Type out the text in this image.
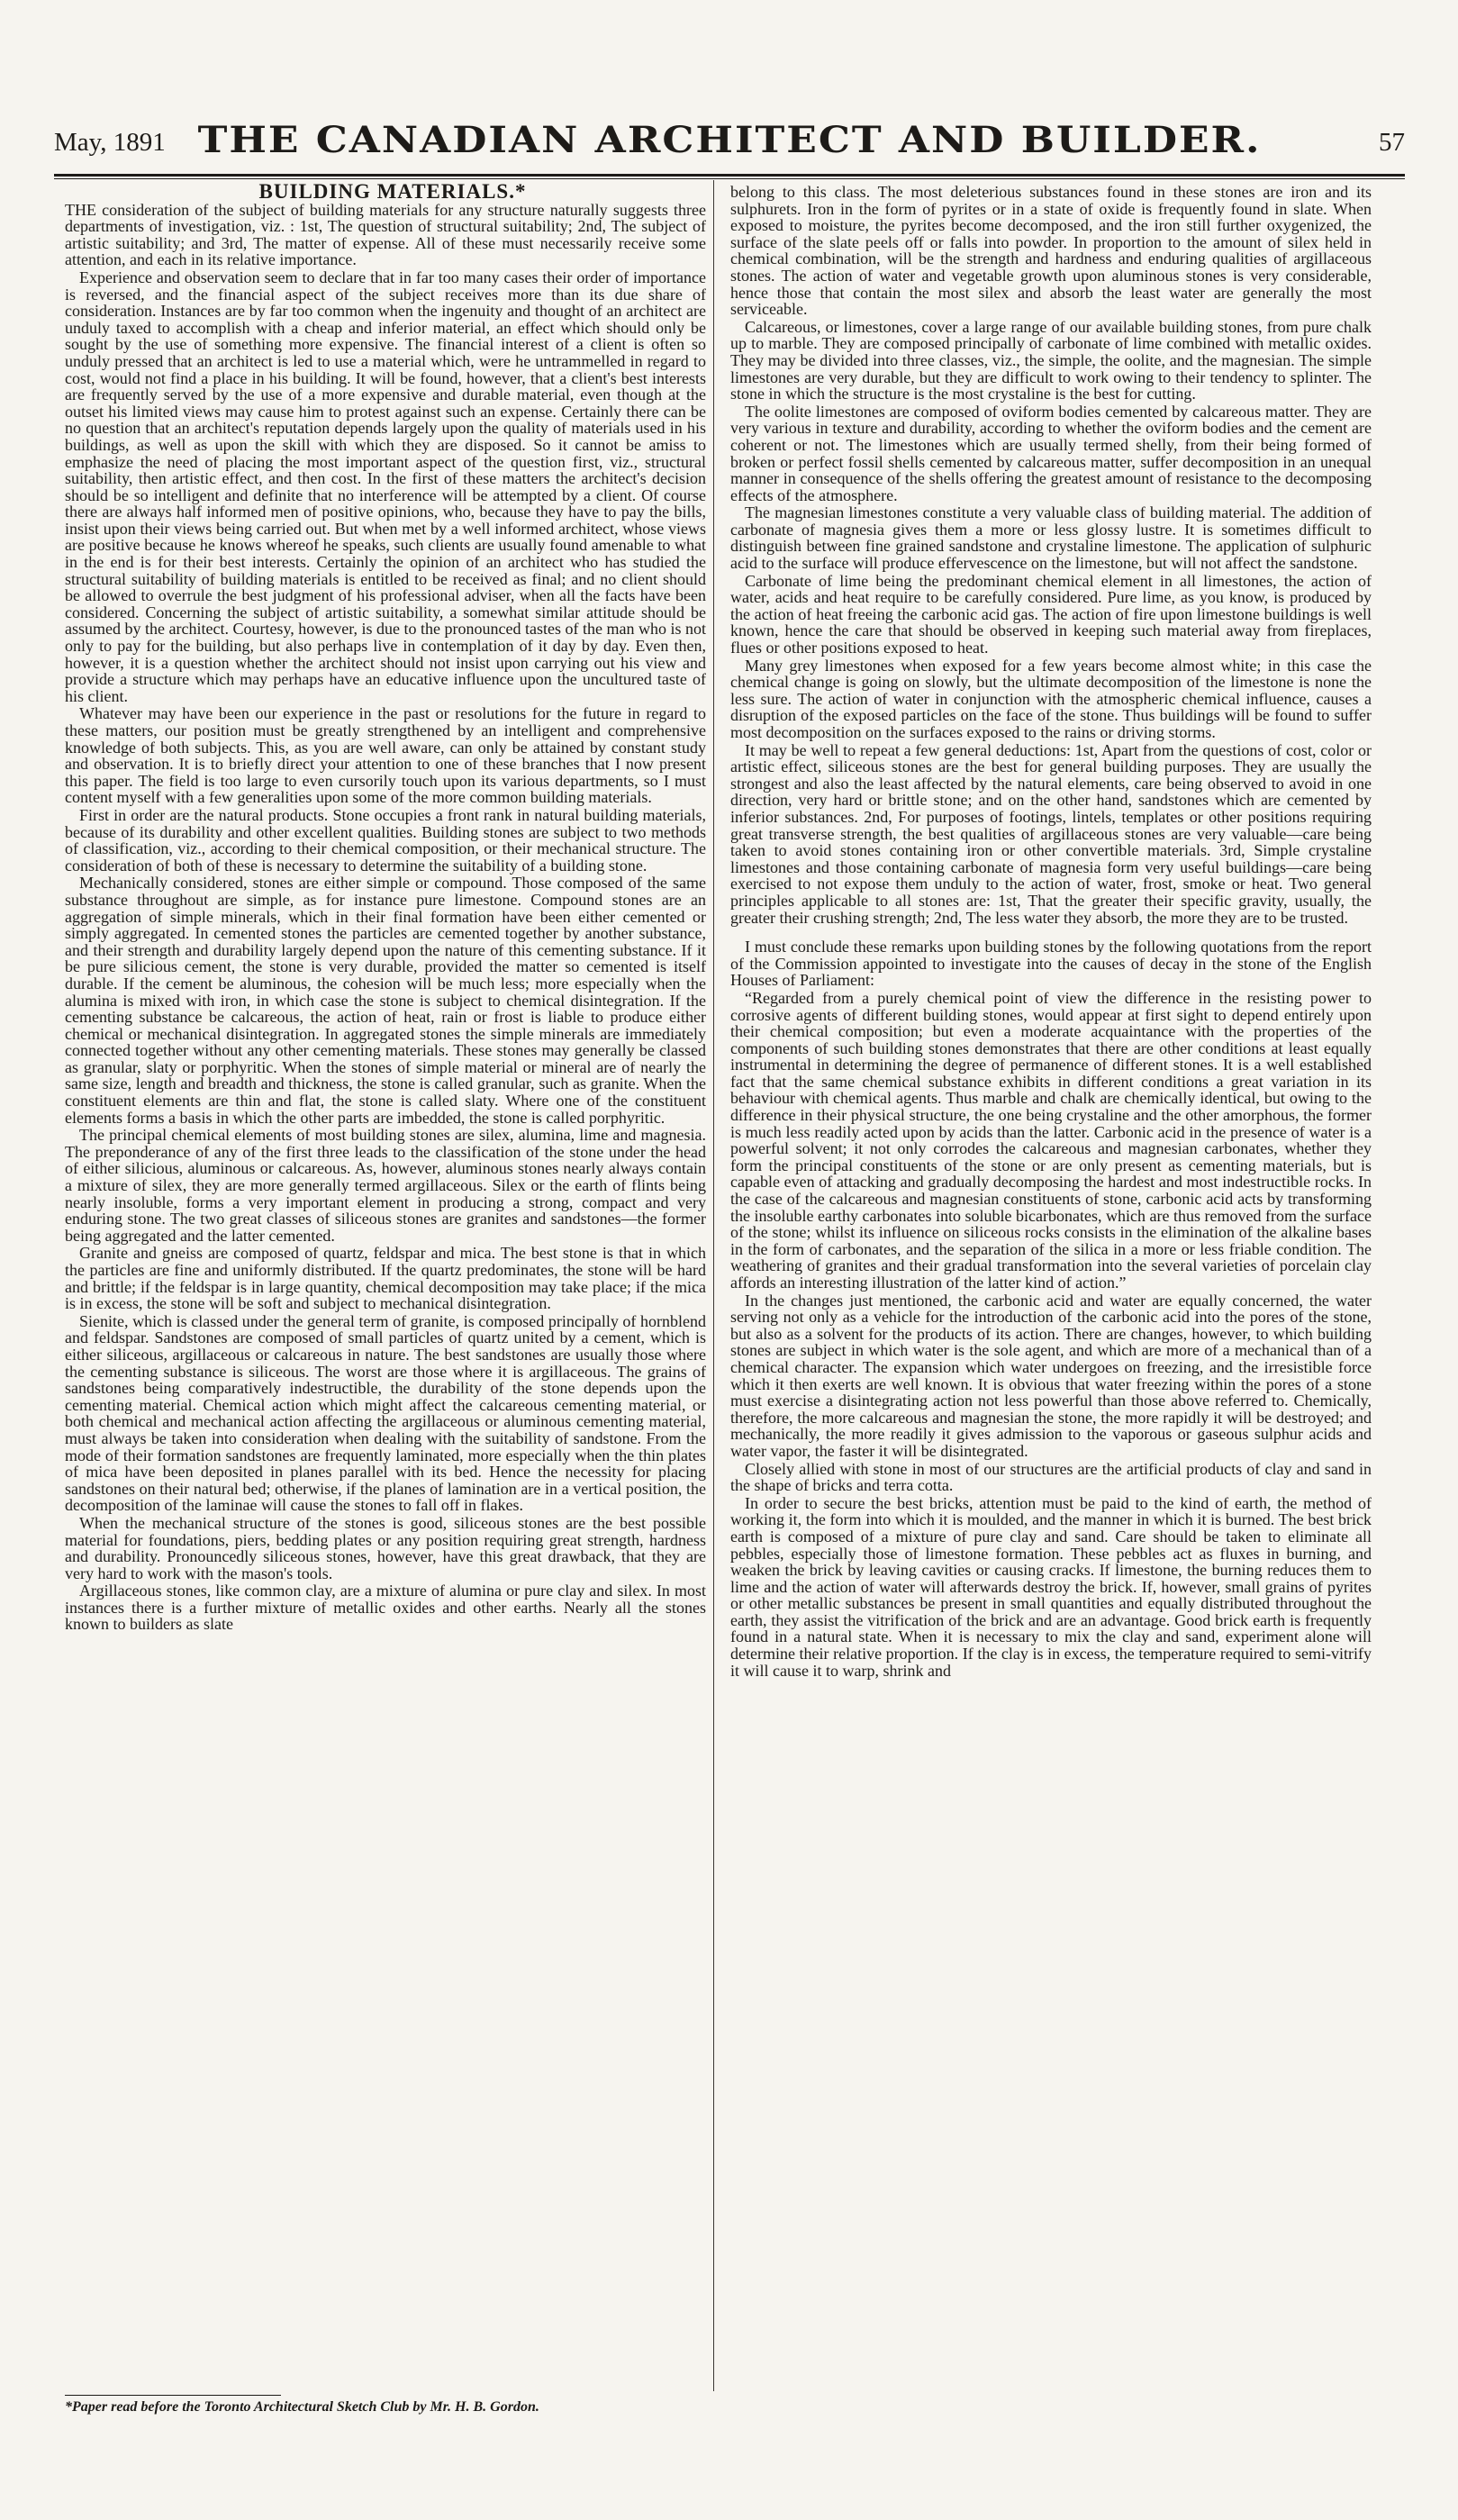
May, 1891 THE CANADIAN ARCHITECT AND BUILDER.	57

BUILDING MATERIALS.*

THE consideration of the subject of building materials for any structure naturally suggests three departments of investigation, viz. : 1st, The question of structural suitability; 2nd, The subject of artistic suitability; and 3rd, The matter of expense. All of these must necessarily receive some attention, and each in its relative importance.

Experience and observation seem to declare that in far too many cases their order of importance is reversed, and the financial aspect of the subject receives more than its due share of consideration. Instances are by far too common when the ingenuity and thought of an architect are unduly taxed to accomplish with a cheap and inferior material, an effect which should only be sought by the use of something more expensive. The financial interest of a client is often so unduly pressed that an architect is led to use a material which, were he untrammelled in regard to cost, would not find a place in his building. It will be found, however, that a client's best interests are frequently served by the use of a more expensive and durable material, even though at the outset his limited views may cause him to protest against such an expense. Certainly there can be no question that an architect's reputation depends largely upon the quality of materials used in his buildings, as well as upon the skill with which they are disposed. So it cannot be amiss to emphasize the need of placing the most important aspect of the question first, viz., structural suitability, then artistic effect, and then cost. In the first of these matters the architect's decision should be so intelligent and definite that no interference will be attempted by a client. Of course there are always half informed men of positive opinions, who, because they have to pay the bills, insist upon their views being carried out. But when met by a well informed architect, whose views are positive because he knows whereof he speaks, such clients are usually found amenable to what in the end is for their best interests. Certainly the opinion of an architect who has studied the structural suitability of building materials is entitled to be received as final; and no client should be allowed to overrule the best judgment of his professional adviser, when all the facts have been considered. Concerning the subject of artistic suitability, a somewhat similar attitude should be assumed by the architect. Courtesy, however, is due to the pronounced tastes of the man who is not only to pay for the building, but also perhaps live in contemplation of it day by day. Even then, however, it is a question whether the architect should not insist upon carrying out his view and provide a structure which may perhaps have an educative influence upon the uncultured taste of his client.

Whatever may have been our experience in the past or resolutions for the future in regard to these matters, our position must be greatly strengthened by an intelligent and comprehensive knowledge of both subjects. This, as you are well aware, can only be attained by constant study and observation. It is to briefly direct your attention to one of these branches that I now present this paper. The field is too large to even cursorily touch upon its various departments, so I must content myself with a few generalities upon some of the more common building materials.

First in order are the natural products. Stone occupies a front rank in natural building materials, because of its durability and other excellent qualities. Building stones are subject to two methods of classification, viz., according to their chemical composition, or their mechanical structure. The consideration of both of these is necessary to determine the suitability of a building stone.

Mechanically considered, stones are either simple or compound. Those composed of the same substance throughout are simple, as for instance pure limestone. Compound stones are an aggregation of simple minerals, which in their final formation have been either cemented or simply aggregated. In cemented stones the particles are cemented together by another substance, and their strength and durability largely depend upon the nature of this cementing substance. If it be pure silicious cement, the stone is very durable, provided the matter so cemented is itself durable. If the cement be aluminous, the cohesion will be much less; more especially when the alumina is mixed with iron, in which case the stone is subject to chemical disintegration. If the cementing substance be calcareous, the action of heat, rain or frost is liable to produce either chemical or mechanical disintegration. In aggregated stones the simple minerals are immediately connected together without any other cementing materials. These stones may generally be classed as granular, slaty or porphyritic. When the stones of simple material or mineral are of nearly the same size, length and breadth and thickness, the stone is called granular, such as granite. When the constituent elements are thin and flat, the stone is called slaty. Where one of the constituent elements forms a basis in which the other parts are imbedded, the stone is called porphyritic.

The principal chemical elements of most building stones are silex, alumina, lime and magnesia. The preponderance of any of the first three leads to the classification of the stone under the head of either silicious, aluminous or calcareous. As, however, aluminous stones nearly always contain a mixture of silex, they are more generally termed argillaceous. Silex or the earth of flints being nearly insoluble, forms a very important element in producing a strong, compact and very enduring stone. The two great classes of siliceous stones are granites and sandstones—the former being aggregated and the latter cemented.

Granite and gneiss are composed of quartz, feldspar and mica. The best stone is that in which the particles are fine and uniformly distributed. If the quartz predominates, the stone will be hard and brittle; if the feldspar is in large quantity, chemical decomposition may take place; if the mica is in excess, the stone will be soft and subject to mechanical disintegration.

Sienite, which is classed under the general term of granite, is composed principally of hornblend and feldspar. Sandstones are composed of small particles of quartz united by a cement, which is either siliceous, argillaceous or calcareous in nature. The best sandstones are usually those where the cementing substance is siliceous. The worst are those where it is argillaceous. The grains of sandstones being comparatively indestructible, the durability of the stone depends upon the cementing material. Chemical action which might affect the calcareous cementing material, or both chemical and mechanical action affecting the argillaceous or aluminous cementing material, must always be taken into consideration when dealing with the suitability of sandstone. From the mode of their formation sandstones are frequently laminated, more especially when the thin plates of mica have been deposited in planes parallel with its bed. Hence the necessity for placing sandstones on their natural bed; otherwise, if the planes of lamination are in a vertical position, the decomposition of the laminae will cause the stones to fall off in flakes.

When the mechanical structure of the stones is good, siliceous stones are the best possible material for foundations, piers, bedding plates or any position requiring great strength, hardness and durability. Pronouncedly siliceous stones, however, have this great drawback, that they are very hard to work with the mason's tools.

Argillaceous stones, like common clay, are a mixture of alumina or pure clay and silex. In most instances there is a further mixture of metallic oxides and other earths. Nearly all the stones known to builders as slate

belong to this class. The most deleterious substances found in these stones are iron and its sulphurets. Iron in the form of pyrites or in a state of oxide is frequently found in slate. When exposed to moisture, the pyrites become decomposed, and the iron still further oxygenized, the surface of the slate peels off or falls into powder. In proportion to the amount of silex held in chemical combination, will be the strength and hardness and enduring qualities of argillaceous stones. The action of water and vegetable growth upon aluminous stones is very considerable, hence those that contain the most silex and absorb the least water are generally the most serviceable.

Calcareous, or limestones, cover a large range of our available building stones, from pure chalk up to marble. They are composed principally of carbonate of lime combined with metallic oxides. They may be divided into three classes, viz., the simple, the oolite, and the magnesian. The simple limestones are very durable, but they are difficult to work owing to their tendency to splinter. The stone in which the structure is the most crystaline is the best for cutting.

The oolite limestones are composed of oviform bodies cemented by calcareous matter. They are very various in texture and durability, according to whether the oviform bodies and the cement are coherent or not. The limestones which are usually termed shelly, from their being formed of broken or perfect fossil shells cemented by calcareous matter, suffer decomposition in an unequal manner in consequence of the shells offering the greatest amount of resistance to the decomposing effects of the atmosphere.

The magnesian limestones constitute a very valuable class of building material. The addition of carbonate of magnesia gives them a more or less glossy lustre. It is sometimes difficult to distinguish between fine grained sandstone and crystaline limestone. The application of sulphuric acid to the surface will produce effervescence on the limestone, but will not affect the sandstone.

Carbonate of lime being the predominant chemical element in all limestones, the action of water, acids and heat require to be carefully considered. Pure lime, as you know, is produced by the action of heat freeing the carbonic acid gas. The action of fire upon limestone buildings is well known, hence the care that should be observed in keeping such material away from fireplaces, flues or other positions exposed to heat.

Many grey limestones when exposed for a few years become almost white; in this case the chemical change is going on slowly, but the ultimate decomposition of the limestone is none the less sure. The action of water in conjunction with the atmospheric chemical influence, causes a disruption of the exposed particles on the face of the stone. Thus buildings will be found to suffer most decomposition on the surfaces exposed to the rains or driving storms.

It may be well to repeat a few general deductions: 1st, Apart from the questions of cost, color or artistic effect, siliceous stones are the best for general building purposes. They are usually the strongest and also the least affected by the natural elements, care being observed to avoid in one direction, very hard or brittle stone; and on the other hand, sandstones which are cemented by inferior substances. 2nd, For purposes of footings, lintels, templates or other positions requiring great transverse strength, the best qualities of argillaceous stones are very valuable—care being taken to avoid stones containing iron or other convertible materials. 3rd, Simple crystaline limestones and those containing carbonate of magnesia form very useful buildings—care being exercised to not expose them unduly to the action of water, frost, smoke or heat. Two general principles applicable to all stones are: 1st, That the greater their specific gravity, usually, the greater their crushing strength; 2nd, The less water they absorb, the more they are to be trusted.

I must conclude these remarks upon building stones by the following quotations from the report of the Commission appointed to investigate into the causes of decay in the stone of the English Houses of Parliament:

“Regarded from a purely chemical point of view the difference in the resisting power to corrosive agents of different building stones, would appear at first sight to depend entirely upon their chemical composition; but even a moderate acquaintance with the properties of the components of such building stones demonstrates that there are other conditions at least equally instrumental in determining the degree of permanence of different stones. It is a well established fact that the same chemical substance exhibits in different conditions a great variation in its behaviour with chemical agents. Thus marble and chalk are chemically identical, but owing to the difference in their physical structure, the one being crystaline and the other amorphous, the former is much less readily acted upon by acids than the latter. Carbonic acid in the presence of water is a powerful solvent; it not only corrodes the calcareous and magnesian carbonates, whether they form the principal constituents of the stone or are only present as cementing materials, but is capable even of attacking and gradually decomposing the hardest and most indestructible rocks. In the case of the calcareous and magnesian constituents of stone, carbonic acid acts by transforming the insoluble earthy carbonates into soluble bicarbonates, which are thus removed from the surface of the stone; whilst its influence on siliceous rocks consists in the elimination of the alkaline bases in the form of carbonates, and the separation of the silica in a more or less friable condition. The weathering of granites and their gradual transformation into the several varieties of porcelain clay affords an interesting illustration of the latter kind of action.”

In the changes just mentioned, the carbonic acid and water are equally concerned, the water serving not only as a vehicle for the introduction of the carbonic acid into the pores of the stone, but also as a solvent for the products of its action. There are changes, however, to which building stones are subject in which water is the sole agent, and which are more of a mechanical than of a chemical character. The expansion which water undergoes on freezing, and the irresistible force which it then exerts are well known. It is obvious that water freezing within the pores of a stone must exercise a disintegrating action not less powerful than those above referred to. Chemically, therefore, the more calcareous and magnesian the stone, the more rapidly it will be destroyed; and mechanically, the more readily it gives admission to the vaporous or gaseous sulphur acids and water vapor, the faster it will be disintegrated.

Closely allied with stone in most of our structures are the artificial products of clay and sand in the shape of bricks and terra cotta.

In order to secure the best bricks, attention must be paid to the kind of earth, the method of working it, the form into which it is moulded, and the manner in which it is burned. The best brick earth is composed of a mixture of pure clay and sand. Care should be taken to eliminate all pebbles, especially those of limestone formation. These pebbles act as fluxes in burning, and weaken the brick by leaving cavities or causing cracks. If limestone, the burning reduces them to lime and the action of water will afterwards destroy the brick. If, however, small grains of pyrites or other metallic substances be present in small quantities and equally distributed throughout the earth, they assist the vitrification of the brick and are an advantage. Good brick earth is frequently found in a natural state. When it is necessary to mix the clay and sand, experiment alone will determine their relative proportion. If the clay is in excess, the temperature required to semi-vitrify it will cause it to warp, shrink and

*Paper read before the Toronto Architectural Sketch Club by Mr. H. B. Gordon.
